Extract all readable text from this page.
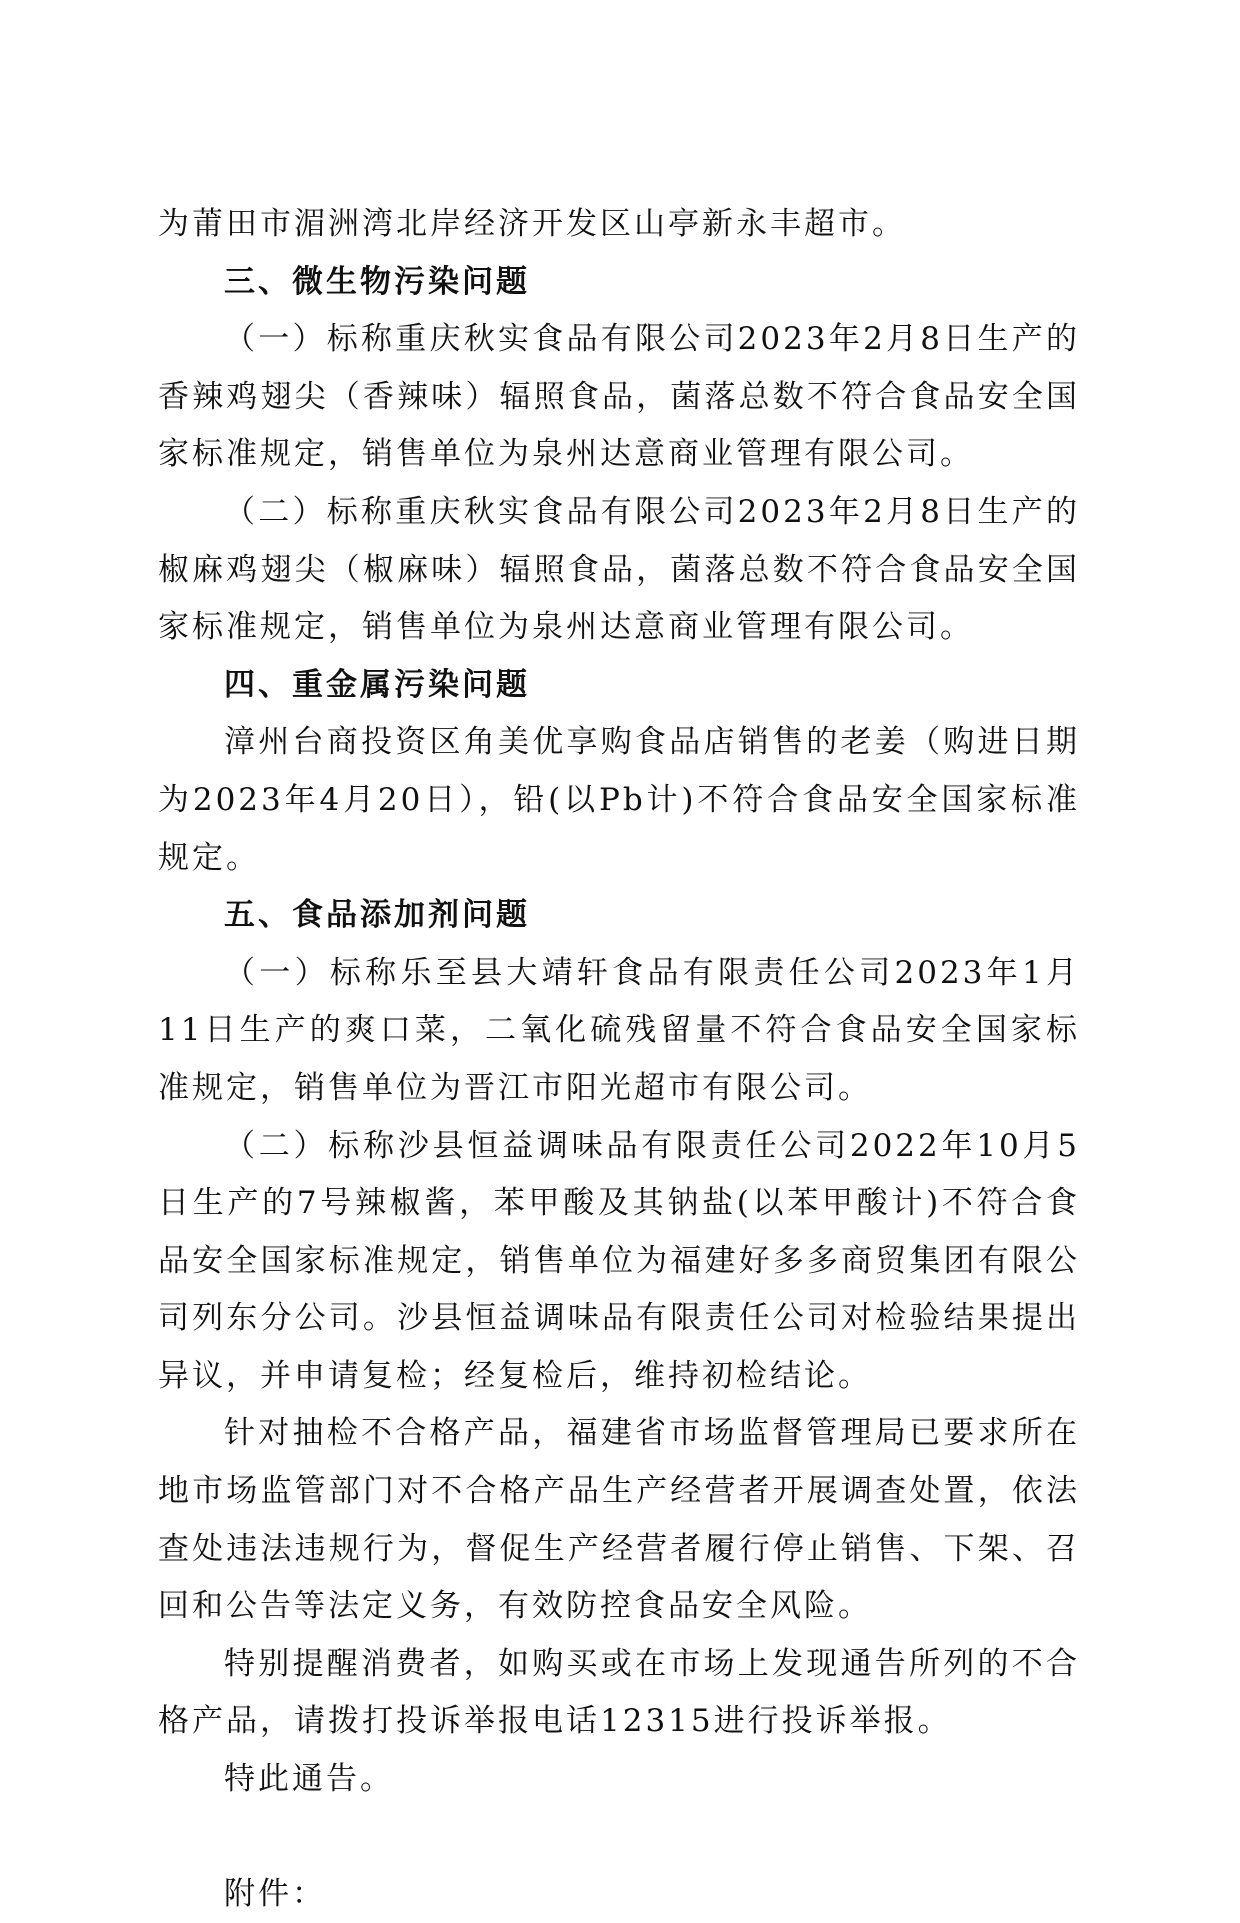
为莆田市湄洲湾北岸经济开发区山亭新永丰超市。

三、微生物污染问题

（一）标称重庆秋实食品有限公司2023年2月8日生产的香辣鸡翅尖（香辣味）辐照食品，菌落总数不符合食品安全国家标准规定，销售单位为泉州达意商业管理有限公司。

（二）标称重庆秋实食品有限公司2023年2月8日生产的椒麻鸡翅尖（椒麻味）辐照食品，菌落总数不符合食品安全国家标准规定，销售单位为泉州达意商业管理有限公司。

四、重金属污染问题

漳州台商投资区角美优享购食品店销售的老姜（购进日期为2023年4月20日），铅(以Pb计)不符合食品安全国家标准规定。

五、食品添加剂问题

（一）标称乐至县大靖轩食品有限责任公司2023年1月11日生产的爽口菜，二氧化硫残留量不符合食品安全国家标准规定，销售单位为晋江市阳光超市有限公司。

（二）标称沙县恒益调味品有限责任公司2022年10月5日生产的7号辣椒酱，苯甲酸及其钠盐(以苯甲酸计)不符合食品安全国家标准规定，销售单位为福建好多多商贸集团有限公司列东分公司。沙县恒益调味品有限责任公司对检验结果提出异议，并申请复检；经复检后，维持初检结论。

针对抽检不合格产品，福建省市场监督管理局已要求所在地市场监管部门对不合格产品生产经营者开展调查处置，依法查处违法违规行为，督促生产经营者履行停止销售、下架、召回和公告等法定义务，有效防控食品安全风险。

特别提醒消费者，如购买或在市场上发现通告所列的不合格产品，请拨打投诉举报电话12315进行投诉举报。

特此通告。

附件：
